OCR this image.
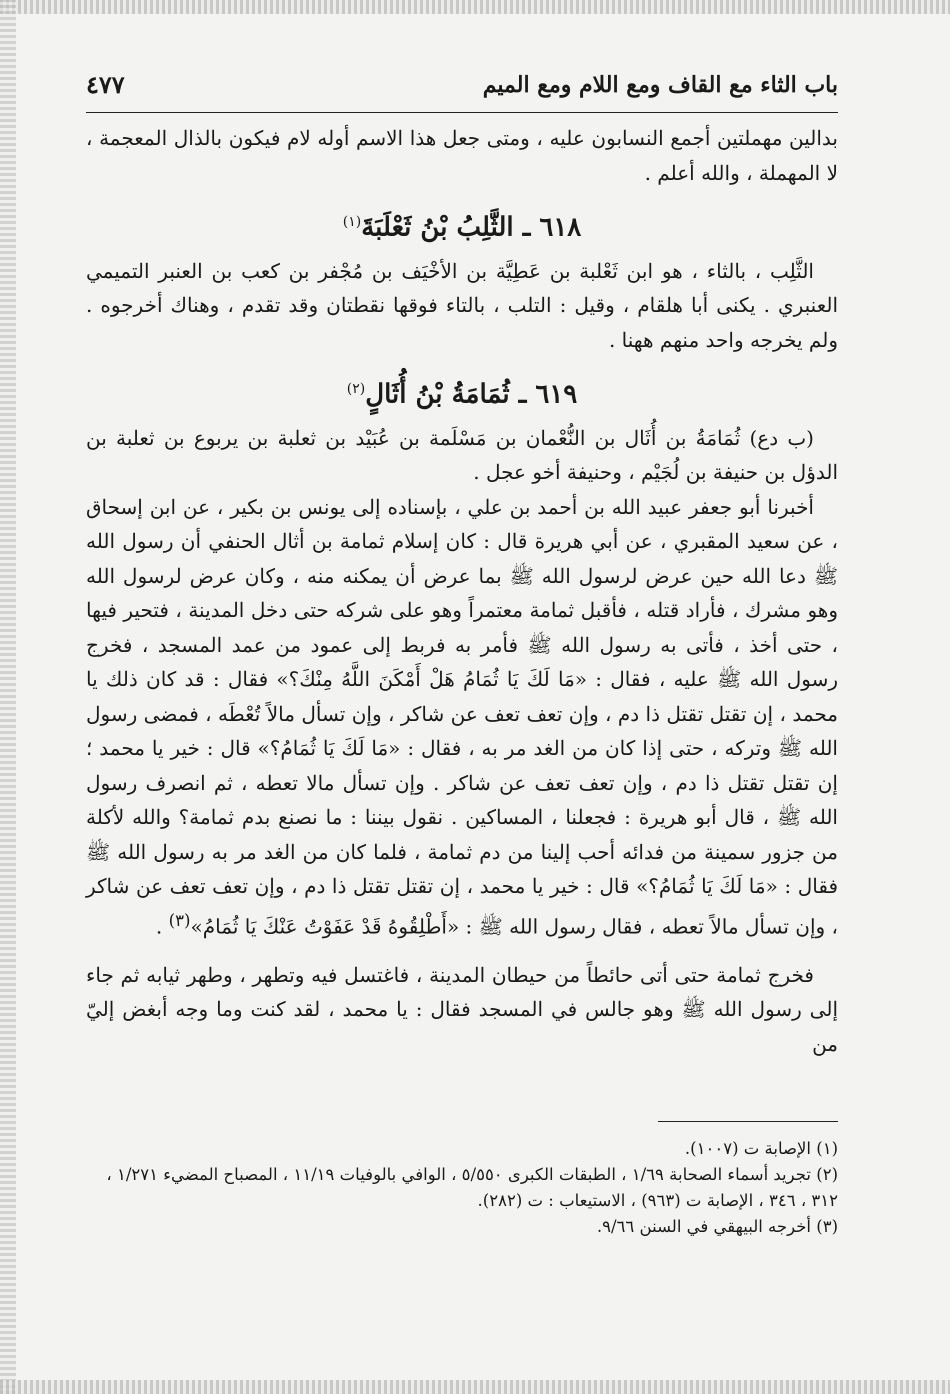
باب الثاء مع القاف ومع اللام ومع الميم
٤٧٧

بدالين مهملتين أجمع النسابون عليه ، ومتى جعل هذا الاسم أوله لام فيكون بالذال المعجمة ، لا المهملة ، والله أعلم .

٦١٨ ـ الثَّلِبُ بْنُ ثَعْلَبَةَ$^{(١)}$

الثَّلِب ، بالثاء ، هو ابن ثَعْلبة بن عَطِيَّة بن الأخْيَف بن مُجْفر بن كعب بن العنبر التميمي العنبري . يكنى أبا هلقام ، وقيل : التلب ، بالتاء فوقها نقطتان وقد تقدم ، وهناك أخرجوه . ولم يخرجه واحد منهم ههنا .

٦١٩ ـ ثُمَامَةُ بْنُ أُثَالٍ$^{(٢)}$

(ب دع) ثُمَامَةُ بن أُثَال بن النُّعْمان بن مَسْلَمة بن عُبَيْد بن ثعلبة بن يربوع بن ثعلبة بن الدؤل بن حنيفة بن لُجَيْم ، وحنيفة أخو عجل .

أخبرنا أبو جعفر عبيد الله بن أحمد بن علي ، بإسناده إلى يونس بن بكير ، عن ابن إسحاق ، عن سعيد المقبري ، عن أبي هريرة قال : كان إسلام ثمامة بن أثال الحنفي أن رسول الله ﷺ دعا الله حين عرض لرسول الله ﷺ بما عرض أن يمكنه منه ، وكان عرض لرسول الله وهو مشرك ، فأراد قتله ، فأقبل ثمامة معتمراً وهو على شركه حتى دخل المدينة ، فتحير فيها ، حتى أخذ ، فأتى به رسول الله ﷺ فأمر به فربط إلى عمود من عمد المسجد ، فخرج رسول الله ﷺ عليه ، فقال : «مَا لَكَ يَا ثُمَامُ هَلْ أَمْكَنَ اللَّهُ مِنْكَ؟» فقال : قد كان ذلك يا محمد ، إن تقتل تقتل ذا دم ، وإن تعف تعف عن شاكر ، وإن تسأل مالاً تُعْطَه ، فمضى رسول الله ﷺ وتركه ، حتى إذا كان من الغد مر به ، فقال : «مَا لَكَ يَا ثُمَامُ؟» قال : خير يا محمد ؛ إن تقتل تقتل ذا دم ، وإن تعف تعف عن شاكر . وإن تسأل مالا تعطه ، ثم انصرف رسول الله ﷺ ، قال أبو هريرة : فجعلنا ، المساكين . نقول بيننا : ما نصنع بدم ثمامة؟ والله لأكلة من جزور سمينة من فدائه أحب إلينا من دم ثمامة ، فلما كان من الغد مر به رسول الله ﷺ فقال : «مَا لَكَ يَا ثُمَامُ؟» قال : خير يا محمد ، إن تقتل تقتل ذا دم ، وإن تعف تعف عن شاكر ، وإن تسأل مالاً تعطه ، فقال رسول الله ﷺ : «أَطْلِقُوهُ قَدْ عَفَوْتُ عَنْكَ يَا ثُمَامُ»$^{(٣)}$ .

فخرج ثمامة حتى أتى حائطاً من حيطان المدينة ، فاغتسل فيه وتطهر ، وطهر ثيابه ثم جاء إلى رسول الله ﷺ وهو جالس في المسجد فقال : يا محمد ، لقد كنت وما وجه أبغض إليّ من

(١) الإصابة ت (١٠٠٧).

(٢) تجريد أسماء الصحابة ١/٦٩ ، الطبقات الكبرى ٥/٥٥٠ ، الوافي بالوفيات ١١/١٩ ، المصباح المضيء ١/٢٧١ ، ٣١٢ ، ٣٤٦ ، الإصابة ت (٩٦٣) ، الاستيعاب : ت (٢٨٢).

(٣) أخرجه البيهقي في السنن ٩/٦٦.
